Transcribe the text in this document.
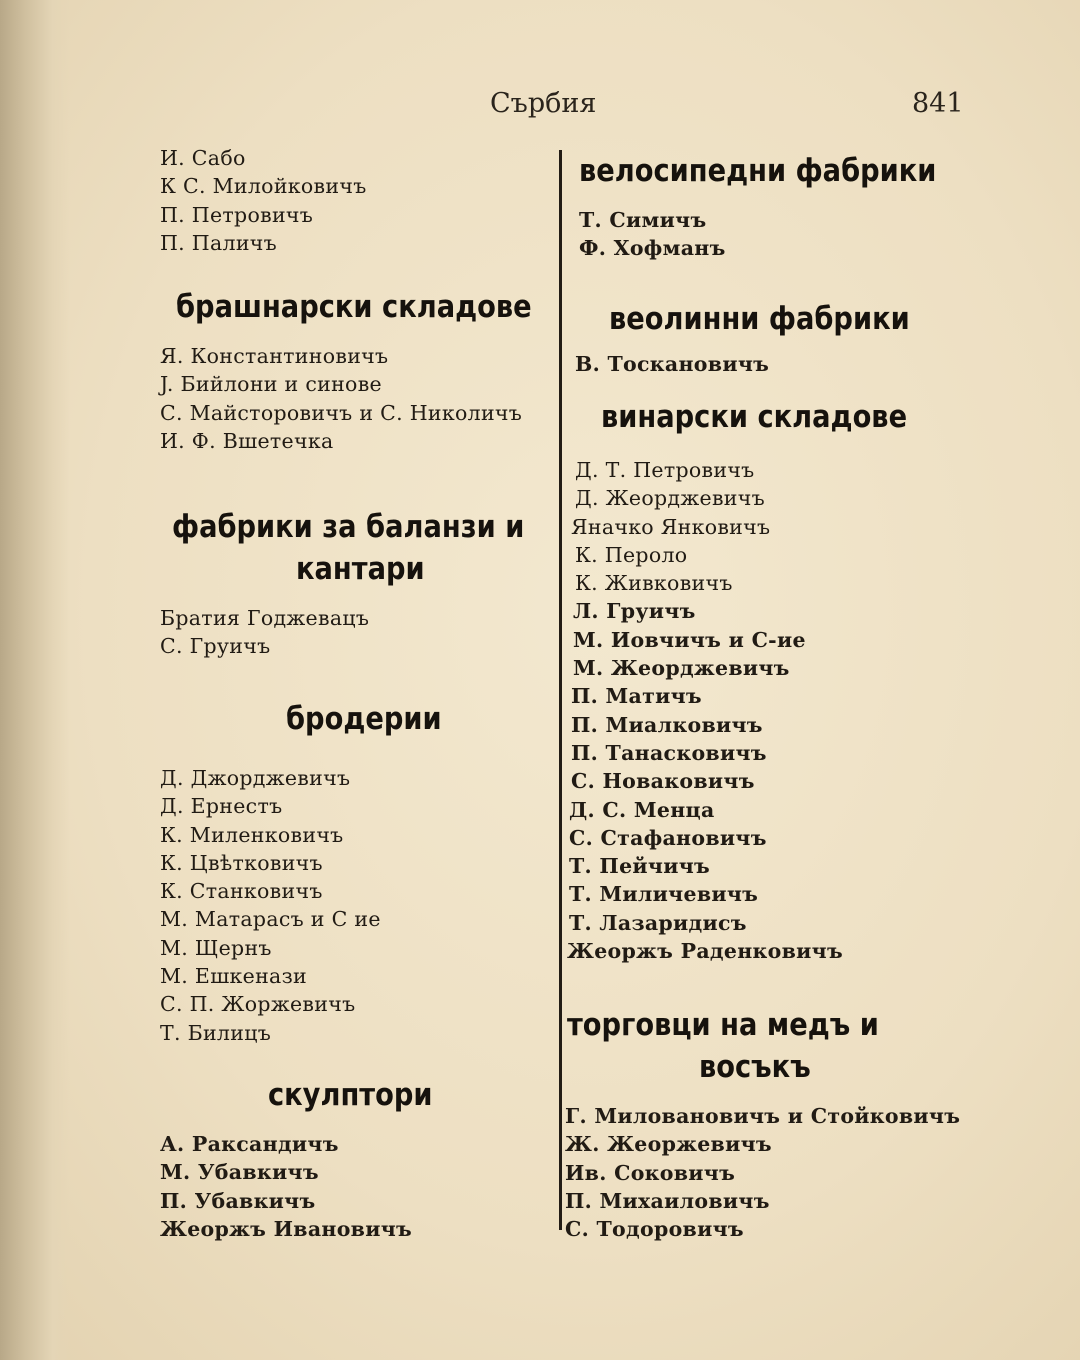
Сърбия	841
И. Сабо
К С. Милойковичъ
П. Петровичъ
П. Паличъ
брашнарски складове
Я. Константиновичъ
J. Бийлони и синове
С. Майсторовичъ и С. Николичъ
И. Ф. Вшетечка
фабрики за баланзи и
кантари
Братия Годжевацъ
С. Груичъ
бродерии
Д. Джорджевичъ
Д. Ернестъ
К. Миленковичъ
К. Цвѣтковичъ
К. Станковичъ
М. Матарасъ и С ие
М. Щернъ
М. Ешкенази
С. П. Жоржевичъ
Т. Билицъ
скулптори
А. Раксандичъ
М. Убавкичъ
П. Убавкичъ
Жеоржъ Ивановичъ
велосипедни фабрики
Т. Симичъ
Ф. Хофманъ
вeолинни фабрики
В. Тоскановичъ
винарски складове
Д. Т. Петровичъ
Д. Жеорджевичъ
Яначко Янковичъ
К. Пероло
К. Живковичъ
Л. Груичъ
М. Иовчичъ и С-ие
М. Жеорджевичъ
П. Матичъ
П. Миалковичъ
П. Танасковичъ
С. Новаковичъ
Д. С. Менца
С. Стафановичъ
Т. Пейчичъ
Т. Миличевичъ
Т. Лазаридисъ
Жеоржъ Раденковичъ
торговци на медъ и
восъкъ
Г. Миловановичъ и Стойковичъ
Ж. Жеоржевичъ
Ив. Соковичъ
П. Михаиловичъ
С. Тодоровичъ
